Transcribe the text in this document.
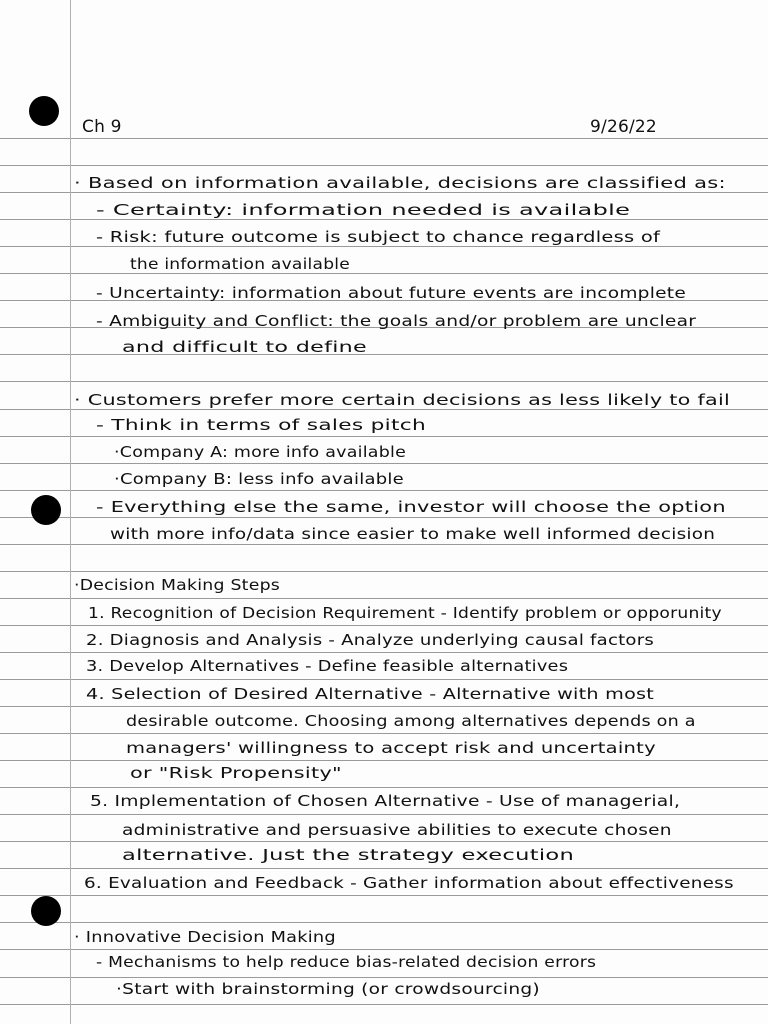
Ch 9	9/26/22
· Based on information available, decisions are classified as:
- Certainty: information needed is available
- Risk: future outcome is subject to chance regardless of
the information available
- Uncertainty: information about future events are incomplete
- Ambiguity and Conflict: the goals and/or problem are unclear
and difficult to define
· Customers prefer more certain decisions as less likely to fail
- Think in terms of sales pitch
·Company A: more info available
·Company B: less info available
- Everything else the same, investor will choose the option
with more info/data since easier to make well informed decision
·Decision Making Steps
1. Recognition of Decision Requirement - Identify problem or opporunity
2. Diagnosis and Analysis - Analyze underlying causal factors
3. Develop Alternatives - Define feasible alternatives
4. Selection of Desired Alternative - Alternative with most
desirable outcome. Choosing among alternatives depends on a
managers' willingness to accept risk and uncertainty
or "Risk Propensity"
5. Implementation of Chosen Alternative - Use of managerial,
administrative and persuasive abilities to execute chosen
alternative. Just the strategy execution
6. Evaluation and Feedback - Gather information about effectiveness
· Innovative Decision Making
- Mechanisms to help reduce bias-related decision errors
·Start with brainstorming (or crowdsourcing)
